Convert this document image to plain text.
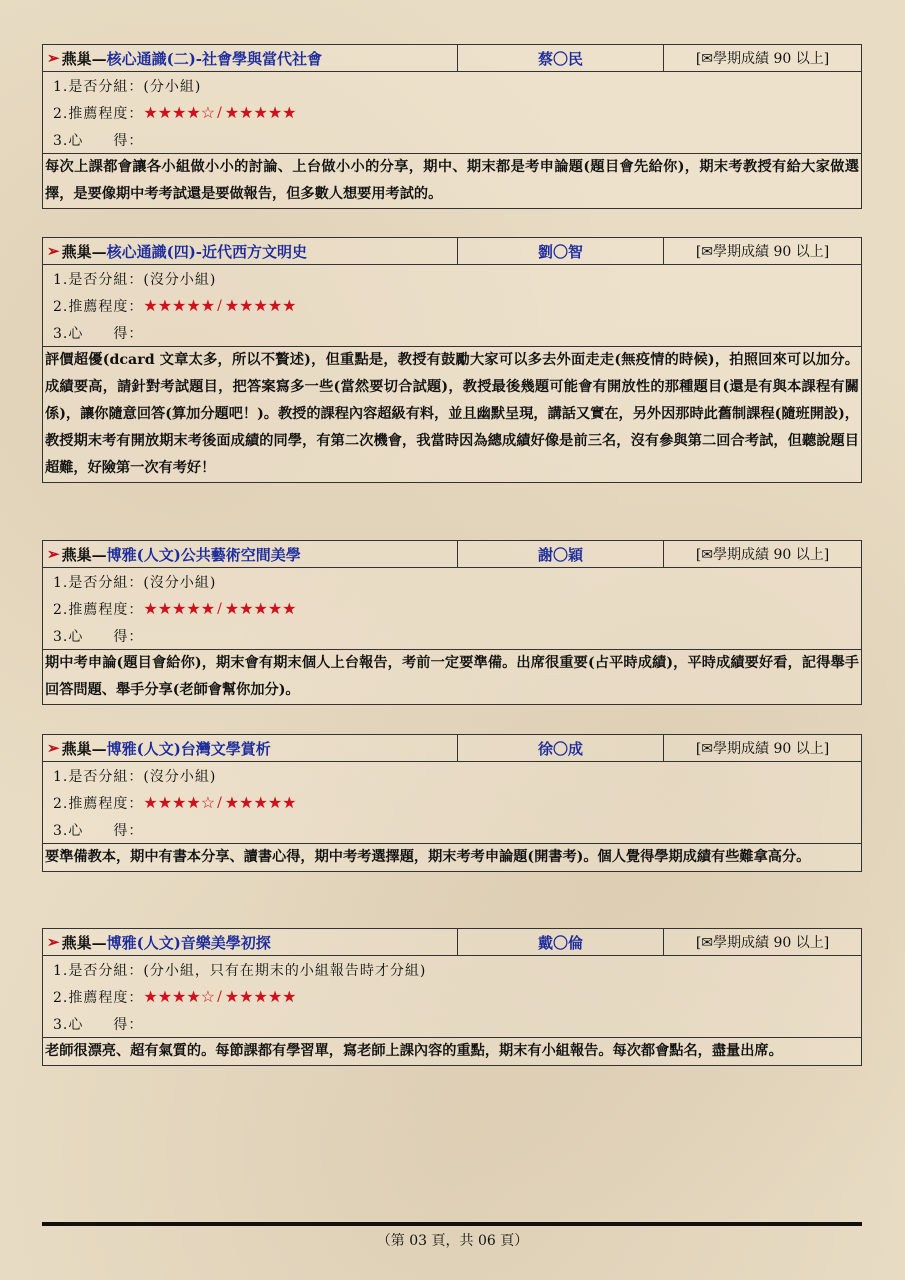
➢ 燕巢— 核心通識(二)-社會學與當代社會	蔡〇民	[✉學期成績 90 以上]
1.是否分組： (分小組)
2.推薦程度： ★★★★☆ / ★★★★★
3.心　　得：
每次上課都會讓各小組做小小的討論、上台做小小的分享，期中、期末都是考申論題(題目會先給你)，期末考教授有給大家做選擇，是要像期中考考試還是要做報告，但多數人想要用考試的。
➢ 燕巢— 核心通識(四)-近代西方文明史	劉〇智	[✉學期成績 90 以上]
1.是否分組： (沒分小組)
2.推薦程度： ★★★★★ / ★★★★★
3.心　　得：
評價超優(dcard 文章太多，所以不贅述)，但重點是，教授有鼓勵大家可以多去外面走走(無疫情的時候)，拍照回來可以加分。成績要高，請針對考試題目，把答案寫多一些(當然要切合試題)，教授最後幾題可能會有開放性的那種題目(還是有與本課程有關係)，讓你隨意回答(算加分題吧！)。教授的課程內容超級有料，並且幽默呈現，講話又實在，另外因那時此舊制課程(隨班開設)，教授期末考有開放期末考後面成績的同學，有第二次機會，我當時因為總成績好像是前三名，沒有參與第二回合考試，但聽說題目超難，好險第一次有考好！
➢ 燕巢— 博雅(人文)公共藝術空間美學	謝〇穎	[✉學期成績 90 以上]
1.是否分組： (沒分小組)
2.推薦程度： ★★★★★ / ★★★★★
3.心　　得：
期中考申論(題目會給你)，期末會有期末個人上台報告，考前一定要準備。出席很重要(占平時成績)，平時成績要好看，記得舉手回答問題、舉手分享(老師會幫你加分)。
➢ 燕巢— 博雅(人文)台灣文學賞析	徐〇成	[✉學期成績 90 以上]
1.是否分組： (沒分小組)
2.推薦程度： ★★★★☆ / ★★★★★
3.心　　得：
要準備教本，期中有書本分享、讀書心得，期中考考選擇題，期末考考申論題(開書考)。個人覺得學期成績有些難拿高分。
➢ 燕巢— 博雅(人文)音樂美學初探	戴〇倫	[✉學期成績 90 以上]
1.是否分組： (分小組，只有在期末的小組報告時才分組)
2.推薦程度： ★★★★☆ / ★★★★★
3.心　　得：
老師很漂亮、超有氣質的。每節課都有學習單，寫老師上課內容的重點，期末有小組報告。每次都會點名，盡量出席。
（第 03 頁，共 06 頁）
